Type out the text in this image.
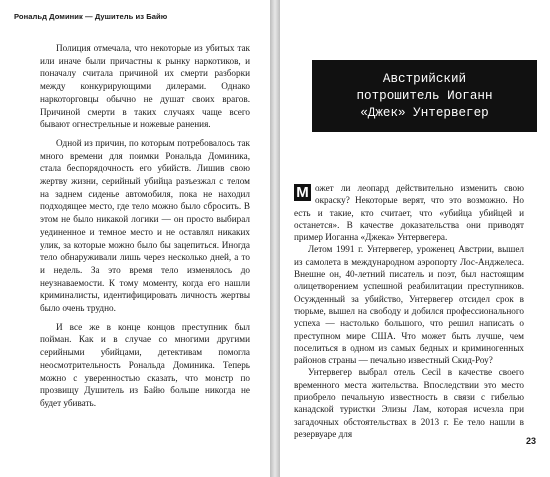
Рональд Доминик — Душитель из Байю

Полиция отмечала, что некоторые из убитых так или иначе были причастны к рынку наркотиков, и поначалу считала причиной их смерти разборки между конкурирующими дилерами. Однако наркоторговцы обычно не душат своих врагов. Причиной смерти в таких случаях чаще всего бывают огнестрельные и ножевые ранения.

Одной из причин, по которым потребовалось так много времени для поимки Рональда Доминика, стала беспорядочность его убийств. Лишив свою жертву жизни, серийный убийца разъезжал с телом на заднем сиденье автомобиля, пока не находил подходящее место, где тело можно было сбросить. В этом не было никакой логики — он просто выбирал уединенное и темное место и не оставлял никаких улик, за которые можно было бы зацепиться. Иногда тело обнаруживали лишь через несколько дней, а то и недель. За это время тело изменялось до неузнаваемости. К тому моменту, когда его нашли криминалисты, идентифицировать личность жертвы было очень трудно.

И все же в конце концов преступник был пойман. Как и в случае со многими другими серийными убийцами, детективам помогла неосмотрительность Рональда Доминика. Теперь можно с уверенностью сказать, что монстр по прозвищу Душитель из Байю больше никогда не будет убивать.

Австрийский
потрошитель Иоганн
«Джек» Унтервегер

М ожет ли леопард действительно изменить свою окраску? Некоторые верят, что это возможно. Но есть и такие, кто считает, что «убийца убийцей и останется». В качестве доказательства они приводят пример Иоганна «Джека» Унтервегера.

Летом 1991 г. Унтервегер, уроженец Австрии, вышел из самолета в международном аэропорту Лос-Анджелеса. Внешне он, 40-летний писатель и поэт, был настоящим олицетворением успешной реабилитации преступников. Осужденный за убийство, Унтервегер отсидел срок в тюрьме, вышел на свободу и добился профессионального успеха — настолько большого, что решил написать о преступном мире США. Что может быть лучше, чем поселиться в одном из самых бедных и криминогенных районов страны — печально известный Скид-Роу?

Унтервегер выбрал отель Cecil в качестве своего временного места жительства. Впоследствии это место приобрело печальную известность в связи с гибелью канадской туристки Элизы Лам, которая исчезла при загадочных обстоятельствах в 2013 г. Ее тело нашли в резервуаре для

23
